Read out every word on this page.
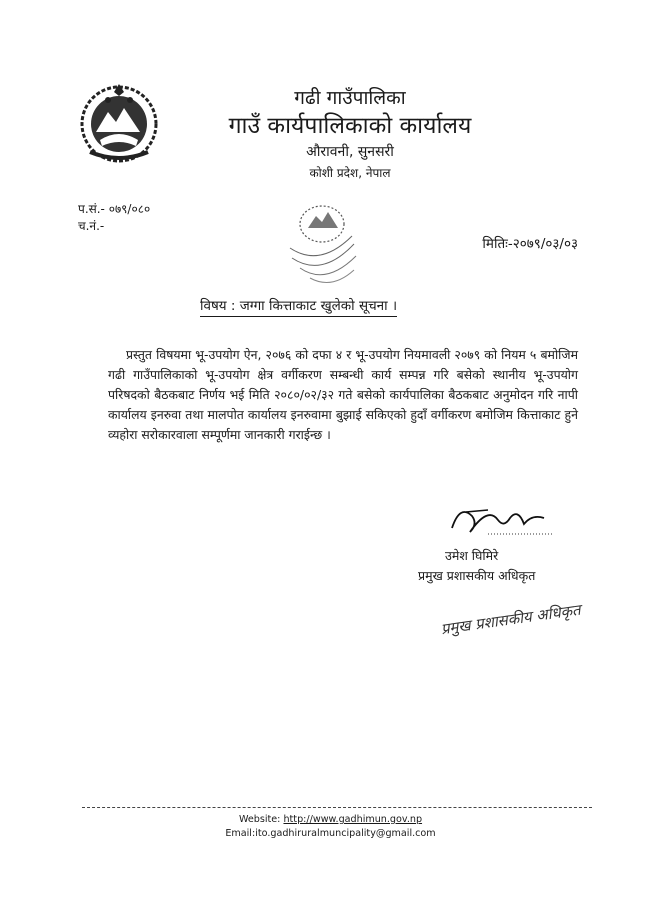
गढी गाउँपालिका
गाउँ कार्यपालिकाको कार्यालय
औरावनी, सुनसरी
कोशी प्रदेश, नेपाल
प.सं.- ०७९/०८०
च.नं.-
मितिः-२०७९/०३/०३
विषय : जग्गा कित्ताकाट खुलेको सूचना ।
प्रस्तुत विषयमा भू-उपयोग ऐन, २०७६ को दफा ४ र भू-उपयोग नियमावली २०७९ को नियम ५ बमोजिम गढी गाउँपालिकाको भू-उपयोग क्षेत्र वर्गीकरण सम्बन्धी कार्य सम्पन्न गरि बसेको स्थानीय भू-उपयोग परिषदको बैठकबाट निर्णय भई मिति २०८०/०२/३२ गते बसेको कार्यपालिका बैठकबाट अनुमोदन गरि नापी कार्यालय इनरुवा तथा मालपोत कार्यालय इनरुवामा बुझाई सकिएको हुदाँ वर्गीकरण बमोजिम कित्ताकाट हुने व्यहोरा सरोकारवाला सम्पूर्णमा जानकारी गराईन्छ ।
उमेश घिमिरे
प्रमुख प्रशासकीय अधिकृत
प्रमुख प्रशासकीय अधिकृत
Website: http://www.gadhimun.gov.np
Email:ito.gadhiruralmuncipality@gmail.com
